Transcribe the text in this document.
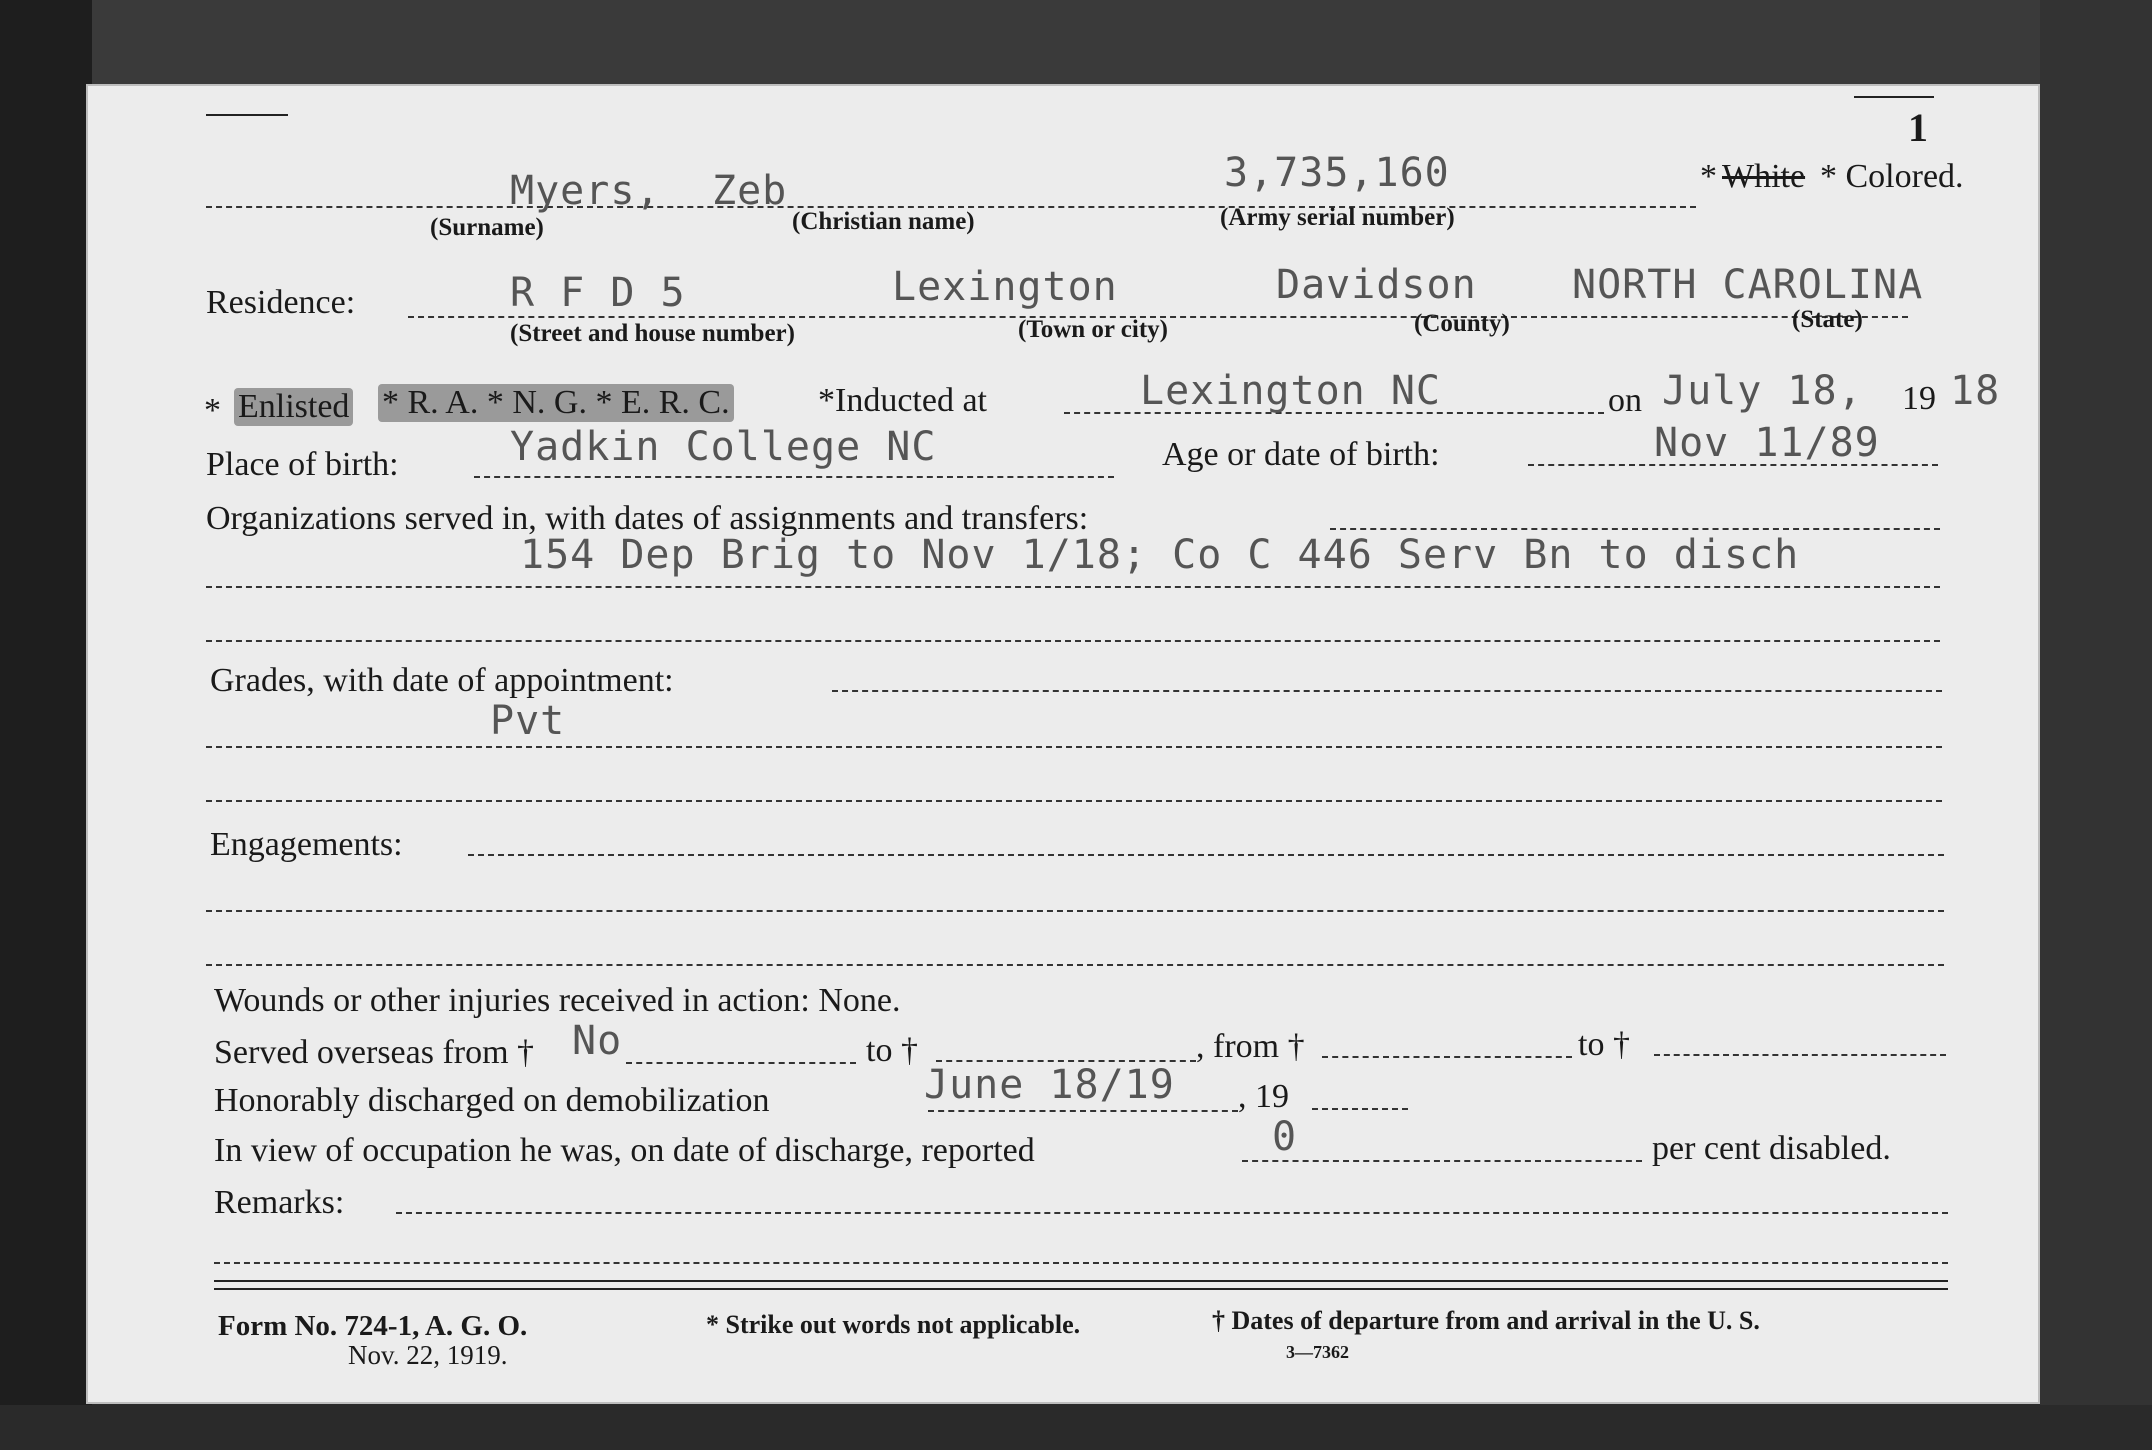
1
Myers, Zeb	3,735,160	* White * Colored.
(Surname)	(Christian name)	(Army serial number)
Residence:	R F D 5	Lexington	Davidson NORTH CAROLINA
(Street and house number)	(Town or city)	(County)	(State)
* Enlisted * R. A. * N. G. * E. R. C.	*Inducted at	Lexington NC	on July 18, 19 18
Place of birth:	Yadkin College NC	Age or date of birth:	Nov 11/89
Organizations served in, with dates of assignments and transfers:
154 Dep Brig to Nov 1/18; Co C 446 Serv Bn to disch
Grades, with date of appointment:
Pvt
Engagements:
Wounds or other injuries received in action: None.
Served overseas from † No	to †	, from †	to †
Honorably discharged on demobilization	June 18/19 , 19
In view of occupation he was, on date of discharge, reported	0	per cent disabled.
Remarks:
Form No. 724-1, A. G. O.
Nov. 22, 1919.
* Strike out words not applicable.	† Dates of departure from and arrival in the U. S.
3—7362
